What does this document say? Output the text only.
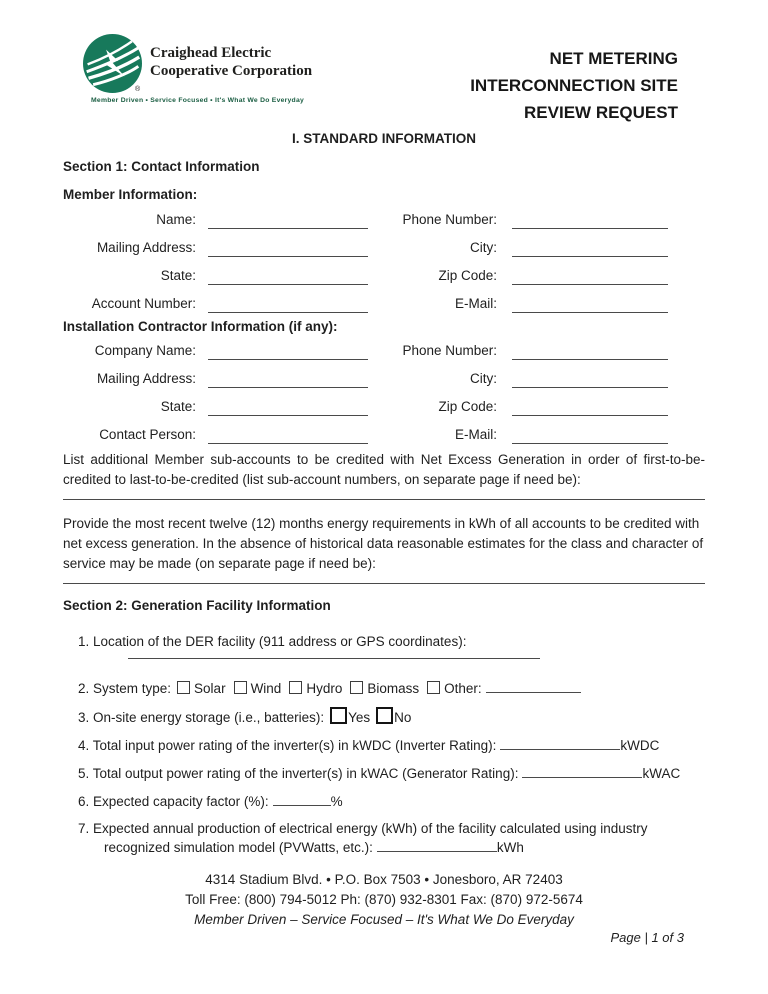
Craighead Electric
Cooperative Corporation
®
Member Driven • Service Focused • It's What We Do Everyday
NET METERING
INTERCONNECTION SITE
REVIEW REQUEST
I. STANDARD INFORMATION
Section 1: Contact Information
Member Information:
Name:	Phone Number:
Mailing Address:	City:
State:	Zip Code:
Account Number:	E-Mail:
Installation Contractor Information (if any):
Company Name:	Phone Number:
Mailing Address:	City:
State:	Zip Code:
Contact Person:	E-Mail:

List additional Member sub-accounts to be credited with Net Excess Generation in order of first-to-be-credited to last-to-be-credited (list sub-account numbers, on separate page if need be):

Provide the most recent twelve (12) months energy requirements in kWh of all accounts to be credited with net excess generation. In the absence of historical data reasonable estimates for the class and character of service may be made (on separate page if need be):

Section 2: Generation Facility Information
1. Location of the DER facility (911 address or GPS coordinates):
2. System type: Solar Wind Hydro Biomass Other:
3. On-site energy storage (i.e., batteries): Yes No
4. Total input power rating of the inverter(s) in kWDC (Inverter Rating):	kWDC
5. Total output power rating of the inverter(s) in kWAC (Generator Rating):	kWAC
6. Expected capacity factor (%):	%
7. Expected annual production of electrical energy (kWh) of the facility calculated using industry
recognized simulation model (PVWatts, etc.):	kWh
4314 Stadium Blvd. • P.O. Box 7503 • Jonesboro, AR 72403
Toll Free: (800) 794-5012 Ph: (870) 932-8301 Fax: (870) 972-5674
Member Driven – Service Focused – It's What We Do Everyday
Page | 1 of 3
